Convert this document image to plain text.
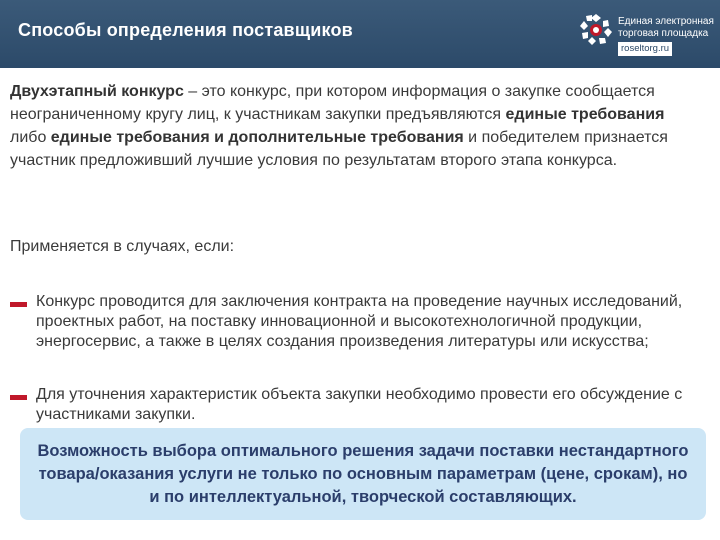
Двухэтапный конкурс – это конкурс, при котором информация о закупке сообщается неограниченному кругу лиц, к участникам закупки предъявляются единые требования либо единые требования и дополнительные требования и победителем признается участник предложивший лучшие условия по результатам второго этапа конкурса.

Применяется в случаях, если:

Конкурс проводится для заключения контракта на проведение научных исследований, проектных работ, на поставку инновационной и высокотехнологичной продукции, энергосервис, а также в целях создания произведения литературы или искусства;
Для уточнения характеристик объекта закупки необходимо провести его обсуждение с участниками закупки.
Способы определения поставщиков	Единая электронная
торговая площадка
roseltorg.ru
Возможность выбора оптимального решения задачи поставки нестандартного товара/оказания услуги не только по основным параметрам (цене, срокам), но и по интеллектуальной, творческой составляющих.
